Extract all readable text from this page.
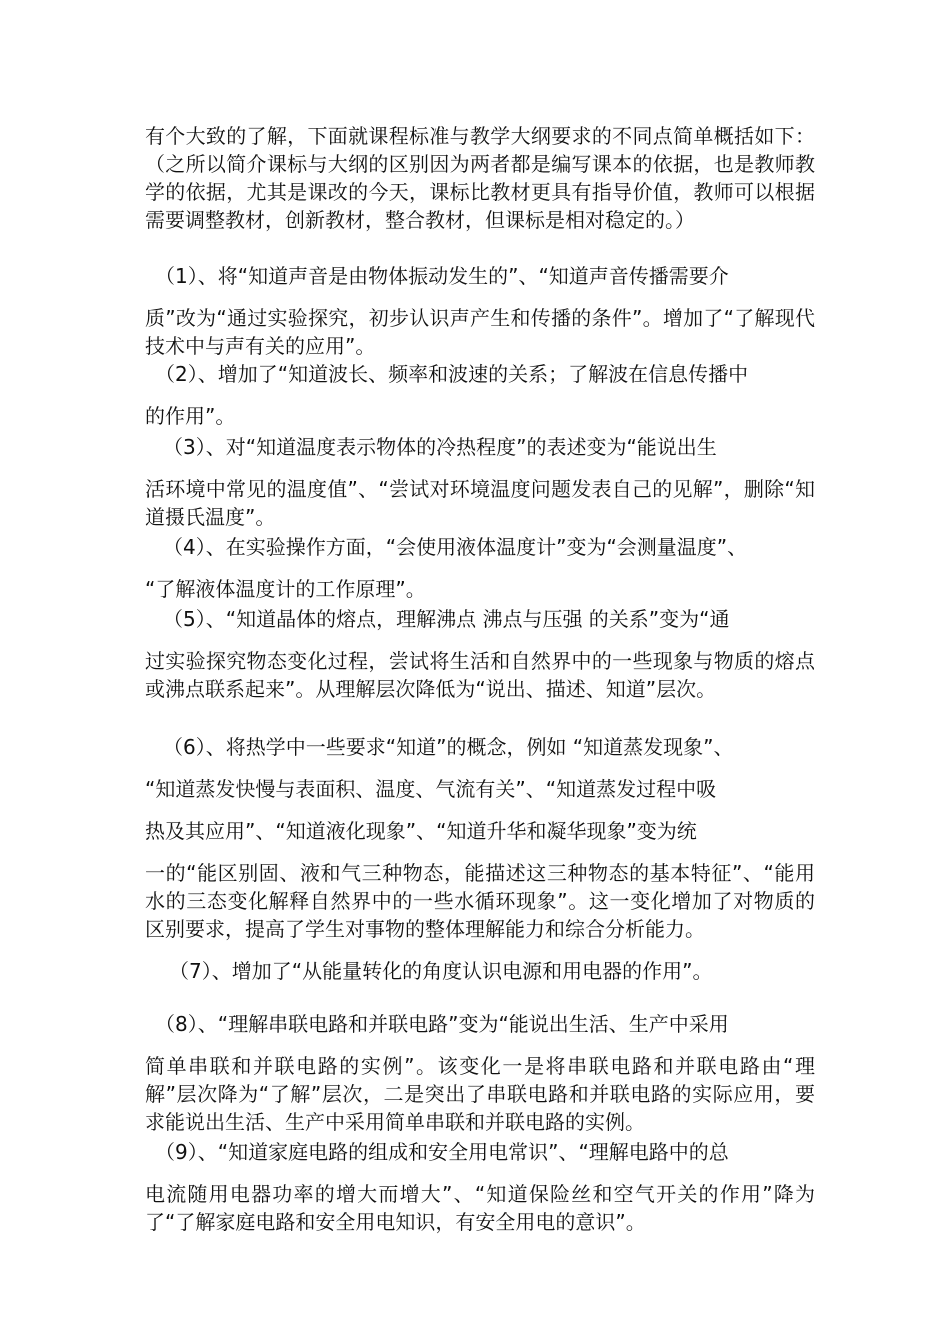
有个大致的了解，下面就课程标准与教学大纲要求的不同点简单概括如下：（之所以简介课标与大纲的区别因为两者都是编写课本的依据，也是教师教学的依据，尤其是课改的今天，课标比教材更具有指导价值，教师可以根据需要调整教材，创新教材，整合教材，但课标是相对稳定的。）

（1）、将“知道声音是由物体振动发生的”、“知道声音传播需要介
质”改为“通过实验探究，初步认识声产生和传播的条件”。增加了“了解现代技术中与声有关的应用”。

（2）、增加了“知道波长、频率和波速的关系；了解波在信息传播中
的作用”。

（3）、对“知道温度表示物体的冷热程度”的表述变为“能说出生
活环境中常见的温度值”、“尝试对环境温度问题发表自己的见解”，删除“知道摄氏温度”。

（4）、在实验操作方面，“会使用液体温度计”变为“会测量温度”、
“了解液体温度计的工作原理”。

（5）、“知道晶体的熔点，理解沸点 沸点与压强 的关系”变为“通
过实验探究物态变化过程，尝试将生活和自然界中的一些现象与物质的熔点或沸点联系起来”。从理解层次降低为“说出、描述、知道”层次。

（6）、将热学中一些要求“知道”的概念，例如 “知道蒸发现象”、
“知道蒸发快慢与表面积、温度、气流有关”、“知道蒸发过程中吸
热及其应用”、“知道液化现象”、“知道升华和凝华现象”变为统
一的“能区别固、液和气三种物态，能描述这三种物态的基本特征”、“能用水的三态变化解释自然界中的一些水循环现象”。这一变化增加了对物质的区别要求，提高了学生对事物的整体理解能力和综合分析能力。

（7）、增加了“从能量转化的角度认识电源和用电器的作用”。

（8）、“理解串联电路和并联电路”变为“能说出生活、生产中采用
简单串联和并联电路的实例”。该变化一是将串联电路和并联电路由“理解”层次降为“了解”层次，二是突出了串联电路和并联电路的实际应用，要求能说出生活、生产中采用简单串联和并联电路的实例。

（9）、“知道家庭电路的组成和安全用电常识”、“理解电路中的总
电流随用电器功率的增大而增大”、“知道保险丝和空气开关的作用”降为了“了解家庭电路和安全用电知识，有安全用电的意识”。
